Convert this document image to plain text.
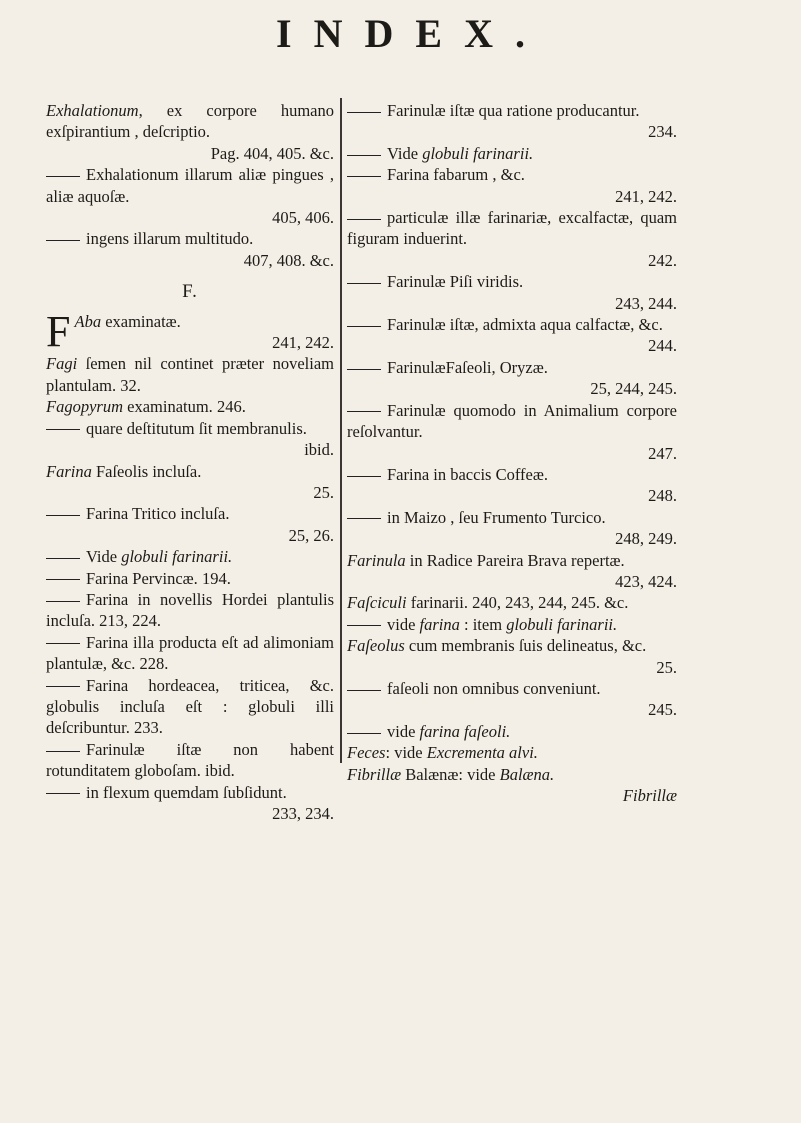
INDEX.

Exhalationum, ex corpore humano exſpirantium , deſcriptio.
Pag. 404, 405. &c.

Exhalationum illarum aliæ pingues , aliæ aquoſæ.
405, 406.

ingens illarum multitudo.
407, 408. &c.

F.

F Aba examinatæ.
241, 242.

Fagi ſemen nil continet præter noveliam plantulam. 32.

Fagopyrum examinatum. 246.

quare deſtitutum ſit membranulis.
ibid.

Farina Faſeolis incluſa.
25.

Farina Tritico incluſa.
25, 26.

Vide globuli farinarii.

Farina Pervincæ. 194.

Farina in novellis Hordei plantulis incluſa. 213, 224.

Farina illa producta eſt ad alimoniam plantulæ, &c. 228.

Farina hordeacea, triticea, &c. globulis incluſa eſt : globuli illi deſcribuntur. 233.

Farinulæ iſtæ non habent rotunditatem globoſam. ibid.

in flexum quemdam ſubſidunt.
233, 234.

Farinulæ iſtæ qua ratione producantur.
234.

Vide globuli farinarii.

Farina fabarum , &c.
241, 242.

particulæ illæ farinariæ, excalfactæ, quam figuram induerint.
242.

Farinulæ Piſi viridis.
243, 244.

Farinulæ iſtæ, admixta aqua calfactæ, &c.
244.

FarinulæFaſeoli, Oryzæ.
25, 244, 245.

Farinulæ quomodo in Animalium corpore reſolvantur.
247.

Farina in baccis Coffeæ.
248.

in Maizo , ſeu Frumento Turcico.
248, 249.

Farinula in Radice Pareira Brava repertæ.
423, 424.

Faſciculi farinarii. 240, 243, 244, 245. &c.

vide farina : item globuli farinarii.

Faſeolus cum membranis ſuis delineatus, &c.
25.

faſeoli non omnibus conveniunt.
245.

vide farina faſeoli.

Feces: vide Excrementa alvi.

Fibrillæ Balænæ: vide Balæna.

Fibrillæ
